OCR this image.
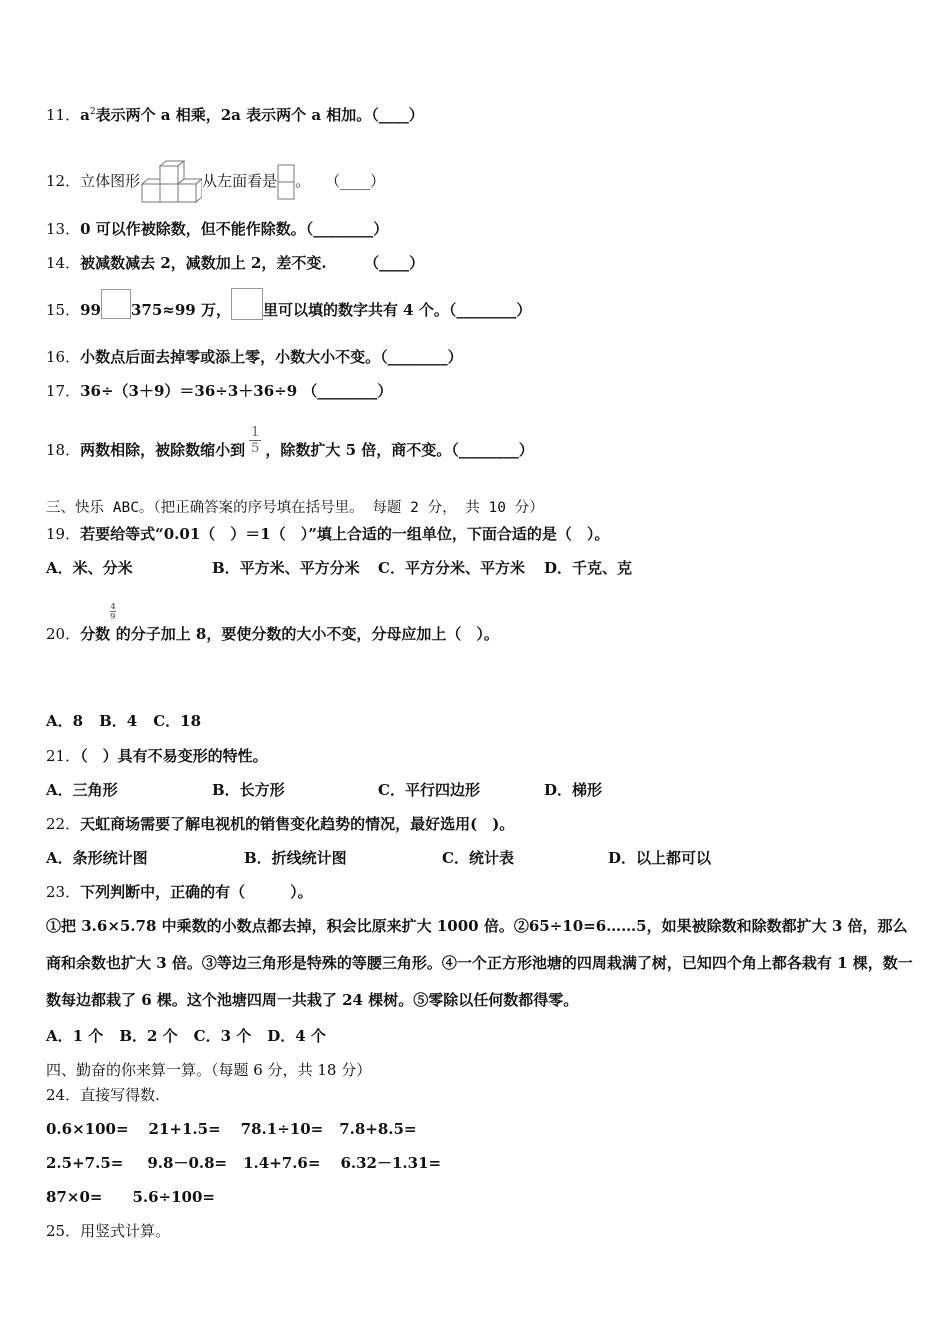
11．$a^2$表示两个 a 相乘，2a 表示两个 a 相加。（____）
12．立体图形	从左面看是 。　　（____）
13．0 可以作被除数，但不能作除数。（________）
14．被减数减去 2，减数加上 2，差不变.　　　（____）
15．99 375≈99 万， 里可以填的数字共有 4 个。（________）
16．小数点后面去掉零或添上零，小数大小不变。（________）
17．36÷（3＋9）＝36÷3＋36÷9 （________）
18．两数相除，被除数缩小到 $\frac{1}{5}$ ，除数扩大 5 倍，商不变。（________）
三、快乐 ABC。（把正确答案的序号填在括号里。 每题 2 分， 共 10 分）
19．若要给等式“0.01（　）＝1（　）”填上合适的一组单位，下面合适的是（　）。
A．米、分米	B．平方米、平方分米 C．平方分米、平方米 D．千克、克
20．分数
$\frac{4}{9}$
的分子加上 8，要使分数的大小不变，分母应加上（　）。
A．8 B．4 C．18
21．（　）具有不易变形的特性。
A．三角形	B．长方形	C．平行四边形	D．梯形
22．天虹商场需要了解电视机的销售变化趋势的情况，最好选用(　)。
A．条形统计图	B．折线统计图	C．统计表	D．以上都可以
23．下列判断中，正确的有（　　　）。
①把 3.6×5.78 中乘数的小数点都去掉，积会比原来扩大 1000 倍。②65÷10=6……5，如果被除数和除数都扩大 3 倍，那么商和余数也扩大 3 倍。③等边三角形是特殊的等腰三角形。④一个正方形池塘的四周栽满了树，已知四个角上都各栽有 1 棵，数一数每边都栽了 6 棵。这个池塘四周一共栽了 24 棵树。⑤零除以任何数都得零。
A．1 个 B．2 个 C．3 个 D．4 个
四、勤奋的你来算一算。（每题 6 分，共 18 分）
24．直接写得数.
0.6×100= 21+1.5= 78.1÷10= 7.8+8.5=
2.5+7.5= 9.8－0.8= 1.4+7.6= 6.32－1.31=
87×0= 5.6÷100=
25．用竖式计算。
